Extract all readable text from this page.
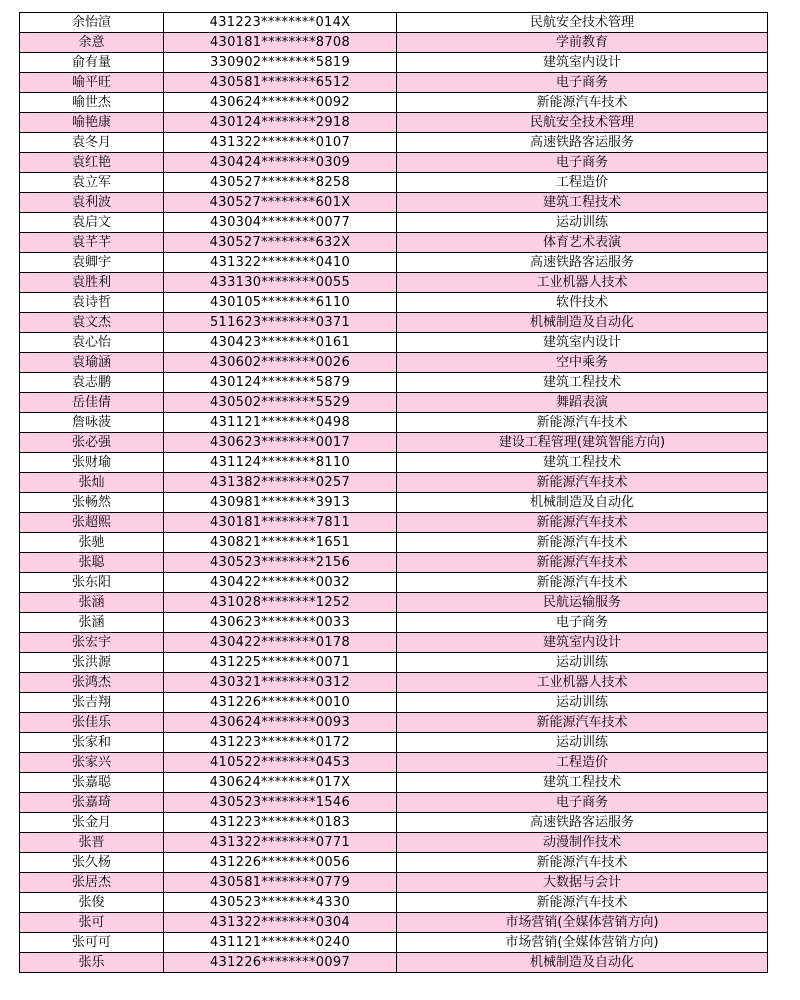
余怡渲	431223********014X	民航安全技术管理
余意	430181********8708	学前教育
俞有量	330902********5819	建筑室内设计
喻平旺	430581********6512	电子商务
喻世杰	430624********0092	新能源汽车技术
喻艳康	430124********2918	民航安全技术管理
袁冬月	431322********0107	高速铁路客运服务
袁红艳	430424********0309	电子商务
袁立军	430527********8258	工程造价
袁利波	430527********601X	建筑工程技术
袁启文	430304********0077	运动训练
袁芊芊	430527********632X	体育艺术表演
袁卿宇	431322********0410	高速铁路客运服务
袁胜利	433130********0055	工业机器人技术
袁诗哲	430105********6110	软件技术
袁文杰	511623********0371	机械制造及自动化
袁心怡	430423********0161	建筑室内设计
袁瑜涵	430602********0026	空中乘务
袁志鹏	430124********5879	建筑工程技术
岳佳倩	430502********5529	舞蹈表演
詹咏菠	431121********0498	新能源汽车技术
张必强	430623********0017	建设工程管理(建筑智能方向)
张财瑜	431124********8110	建筑工程技术
张灿	431382********0257	新能源汽车技术
张畅然	430981********3913	机械制造及自动化
张超熙	430181********7811	新能源汽车技术
张驰	430821********1651	新能源汽车技术
张聪	430523********2156	新能源汽车技术
张东阳	430422********0032	新能源汽车技术
张涵	431028********1252	民航运输服务
张涵	430623********0033	电子商务
张宏宇	430422********0178	建筑室内设计
张洪源	431225********0071	运动训练
张鸿杰	430321********0312	工业机器人技术
张吉翔	431226********0010	运动训练
张佳乐	430624********0093	新能源汽车技术
张家和	431223********0172	运动训练
张家兴	410522********0453	工程造价
张嘉聪	430624********017X	建筑工程技术
张嘉琦	430523********1546	电子商务
张金月	431223********0183	高速铁路客运服务
张晋	431322********0771	动漫制作技术
张久杨	431226********0056	新能源汽车技术
张居杰	430581********0779	大数据与会计
张俊	430523********4330	新能源汽车技术
张可	431322********0304	市场营销(全媒体营销方向)
张可可	431121********0240	市场营销(全媒体营销方向)
张乐	431226********0097	机械制造及自动化
